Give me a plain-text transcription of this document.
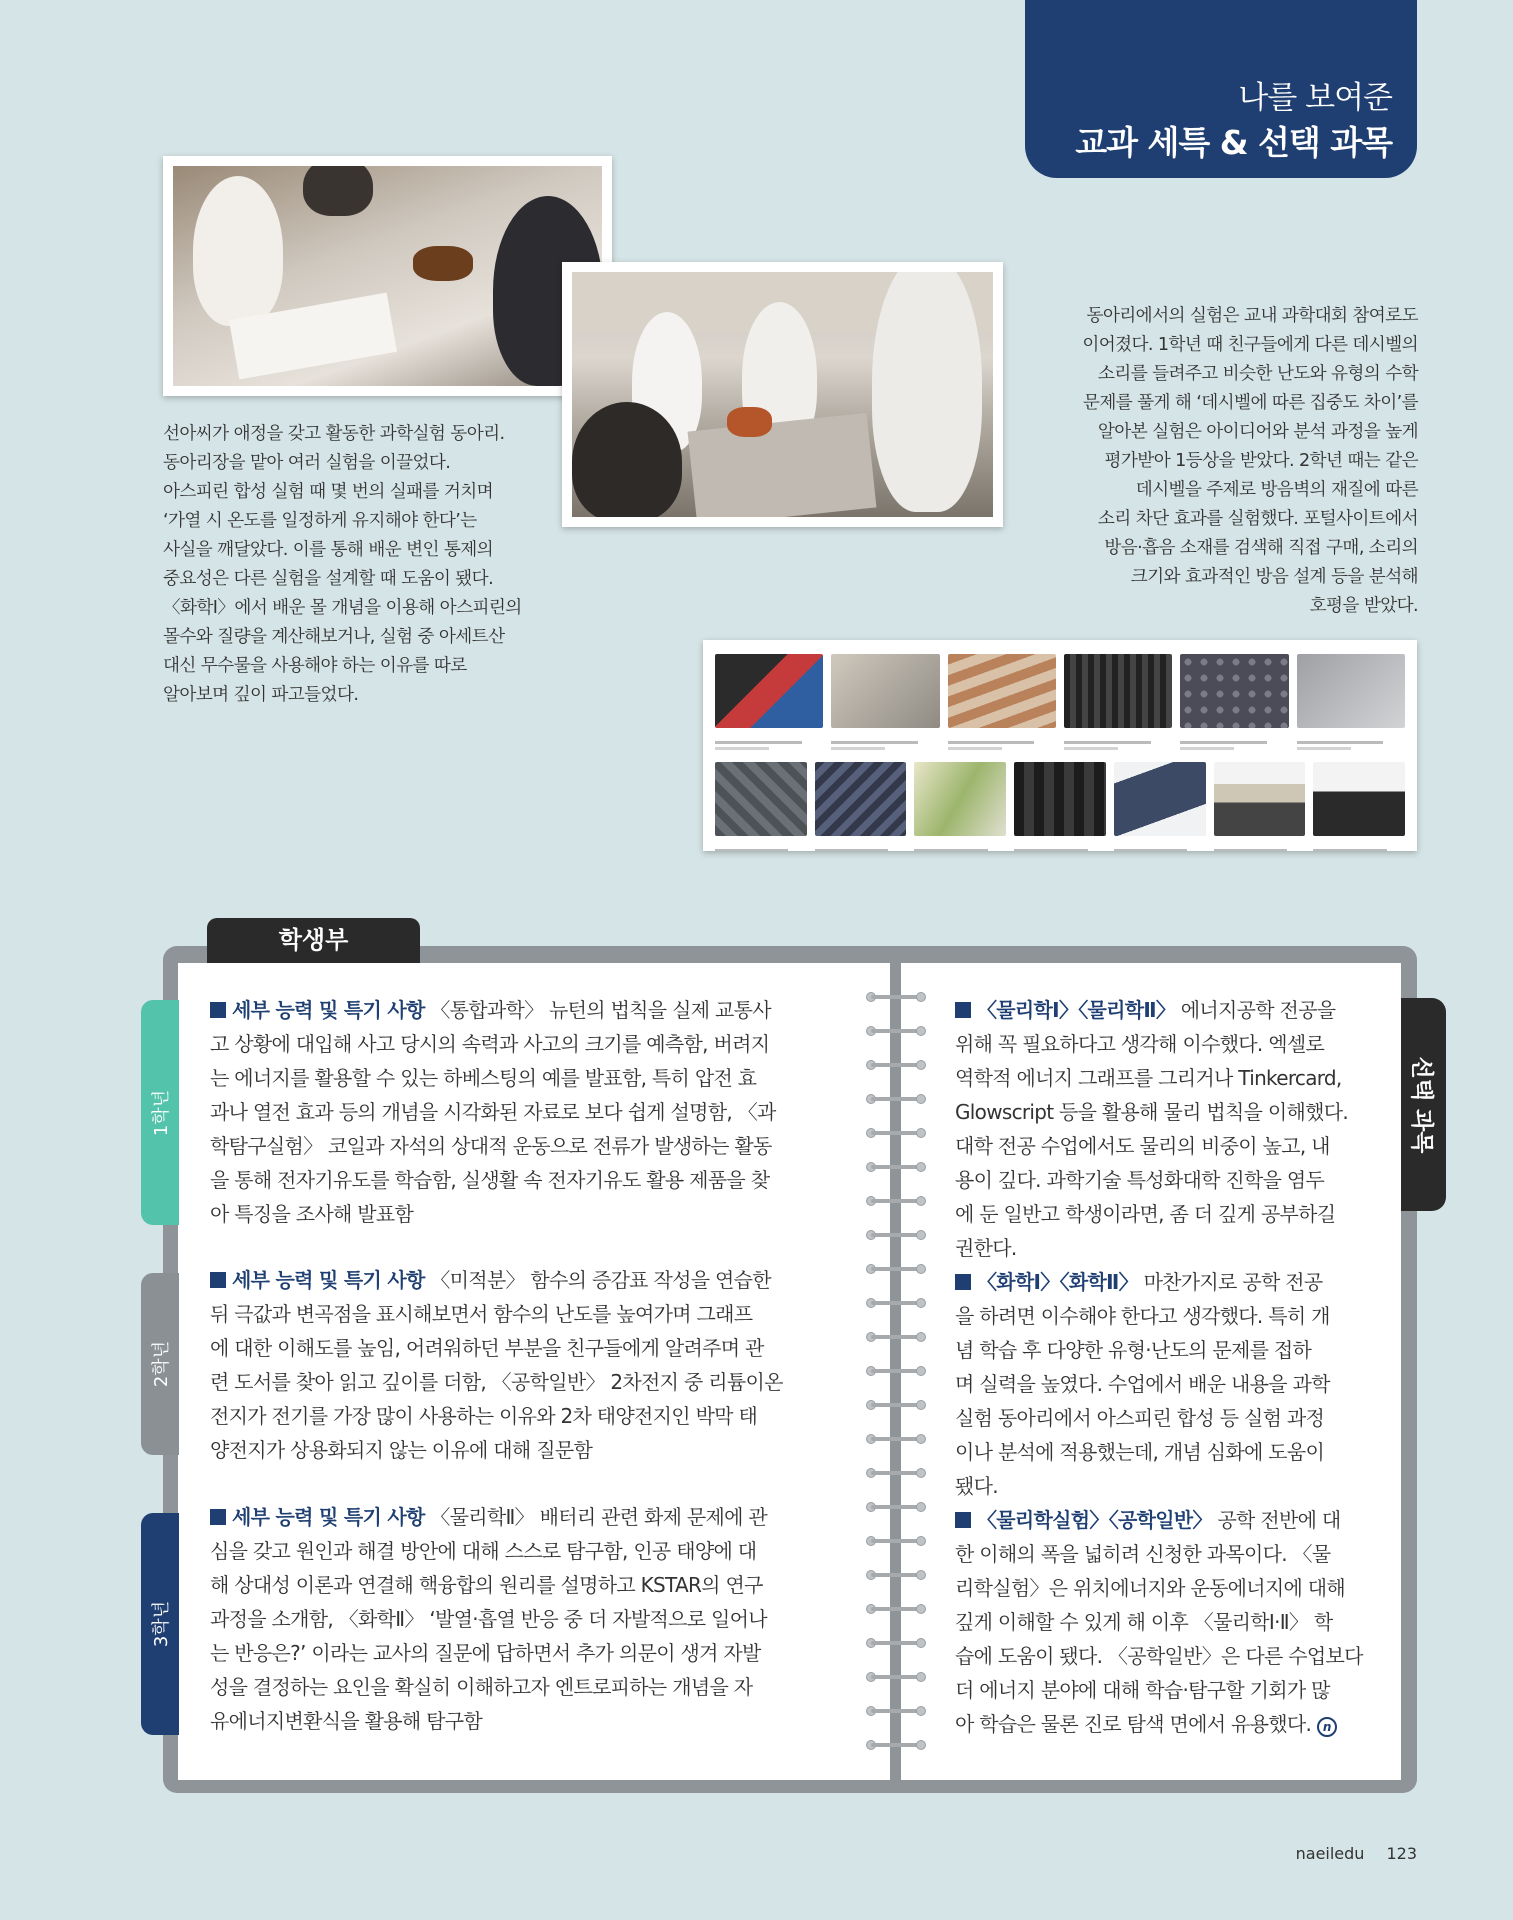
나를 보여준
교과 세특 & 선택 과목
선아씨가 애정을 갖고 활동한 과학실험 동아리.
동아리장을 맡아 여러 실험을 이끌었다.
아스피린 합성 실험 때 몇 번의 실패를 거치며
‘가열 시 온도를 일정하게 유지해야 한다’는
사실을 깨달았다. 이를 통해 배운 변인 통제의
중요성은 다른 실험을 설계할 때 도움이 됐다.
〈화학Ⅰ〉에서 배운 몰 개념을 이용해 아스피린의
몰수와 질량을 계산해보거나, 실험 중 아세트산
대신 무수물을 사용해야 하는 이유를 따로
알아보며 깊이 파고들었다.
동아리에서의 실험은 교내 과학대회 참여로도
이어졌다. 1학년 때 친구들에게 다른 데시벨의
소리를 들려주고 비슷한 난도와 유형의 수학
문제를 풀게 해 ‘데시벨에 따른 집중도 차이’를
알아본 실험은 아이디어와 분석 과정을 높게
평가받아 1등상을 받았다. 2학년 때는 같은
데시벨을 주제로 방음벽의 재질에 따른
소리 차단 효과를 실험했다. 포털사이트에서
방음·흡음 소재를 검색해 직접 구매, 소리의
크기와 효과적인 방음 설계 등을 분석해
호평을 받았다.
학생부
1학년
2학년
3학년
선택 과목
세부 능력 및 특기 사항 〈통합과학〉 뉴턴의 법칙을 실제 교통사
고 상황에 대입해 사고 당시의 속력과 사고의 크기를 예측함, 버려지
는 에너지를 활용할 수 있는 하베스팅의 예를 발표함, 특히 압전 효
과나 열전 효과 등의 개념을 시각화된 자료로 보다 쉽게 설명함, 〈과
학탐구실험〉 코일과 자석의 상대적 운동으로 전류가 발생하는 활동
을 통해 전자기유도를 학습함, 실생활 속 전자기유도 활용 제품을 찾
아 특징을 조사해 발표함
세부 능력 및 특기 사항 〈미적분〉 함수의 증감표 작성을 연습한
뒤 극값과 변곡점을 표시해보면서 함수의 난도를 높여가며 그래프
에 대한 이해도를 높임, 어려워하던 부분을 친구들에게 알려주며 관
련 도서를 찾아 읽고 깊이를 더함, 〈공학일반〉 2차전지 중 리튬이온
전지가 전기를 가장 많이 사용하는 이유와 2차 태양전지인 박막 태
양전지가 상용화되지 않는 이유에 대해 질문함
세부 능력 및 특기 사항 〈물리학Ⅱ〉 배터리 관련 화제 문제에 관
심을 갖고 원인과 해결 방안에 대해 스스로 탐구함, 인공 태양에 대
해 상대성 이론과 연결해 핵융합의 원리를 설명하고 KSTAR의 연구
과정을 소개함, 〈화학Ⅱ〉 ‘발열·흡열 반응 중 더 자발적으로 일어나
는 반응은?’ 이라는 교사의 질문에 답하면서 추가 의문이 생겨 자발
성을 결정하는 요인을 확실히 이해하고자 엔트로피하는 개념을 자
유에너지변환식을 활용해 탐구함
〈물리학Ⅰ〉〈물리학Ⅱ〉 에너지공학 전공을
위해 꼭 필요하다고 생각해 이수했다. 엑셀로
역학적 에너지 그래프를 그리거나 Tinkercard,
Glowscript 등을 활용해 물리 법칙을 이해했다.
대학 전공 수업에서도 물리의 비중이 높고, 내
용이 깊다. 과학기술 특성화대학 진학을 염두
에 둔 일반고 학생이라면, 좀 더 깊게 공부하길
권한다.
〈화학Ⅰ〉〈화학Ⅱ〉 마찬가지로 공학 전공
을 하려면 이수해야 한다고 생각했다. 특히 개
념 학습 후 다양한 유형·난도의 문제를 접하
며 실력을 높였다. 수업에서 배운 내용을 과학
실험 동아리에서 아스피린 합성 등 실험 과정
이나 분석에 적용했는데, 개념 심화에 도움이
됐다.
〈물리학실험〉〈공학일반〉 공학 전반에 대
한 이해의 폭을 넓히려 신청한 과목이다. 〈물
리학실험〉은 위치에너지와 운동에너지에 대해
깊게 이해할 수 있게 해 이후 〈물리학Ⅰ·Ⅱ〉 학
습에 도움이 됐다. 〈공학일반〉은 다른 수업보다
더 에너지 분야에 대해 학습·탐구할 기회가 많
아 학습은 물론 진로 탐색 면에서 유용했다. n
naeiledu 123
